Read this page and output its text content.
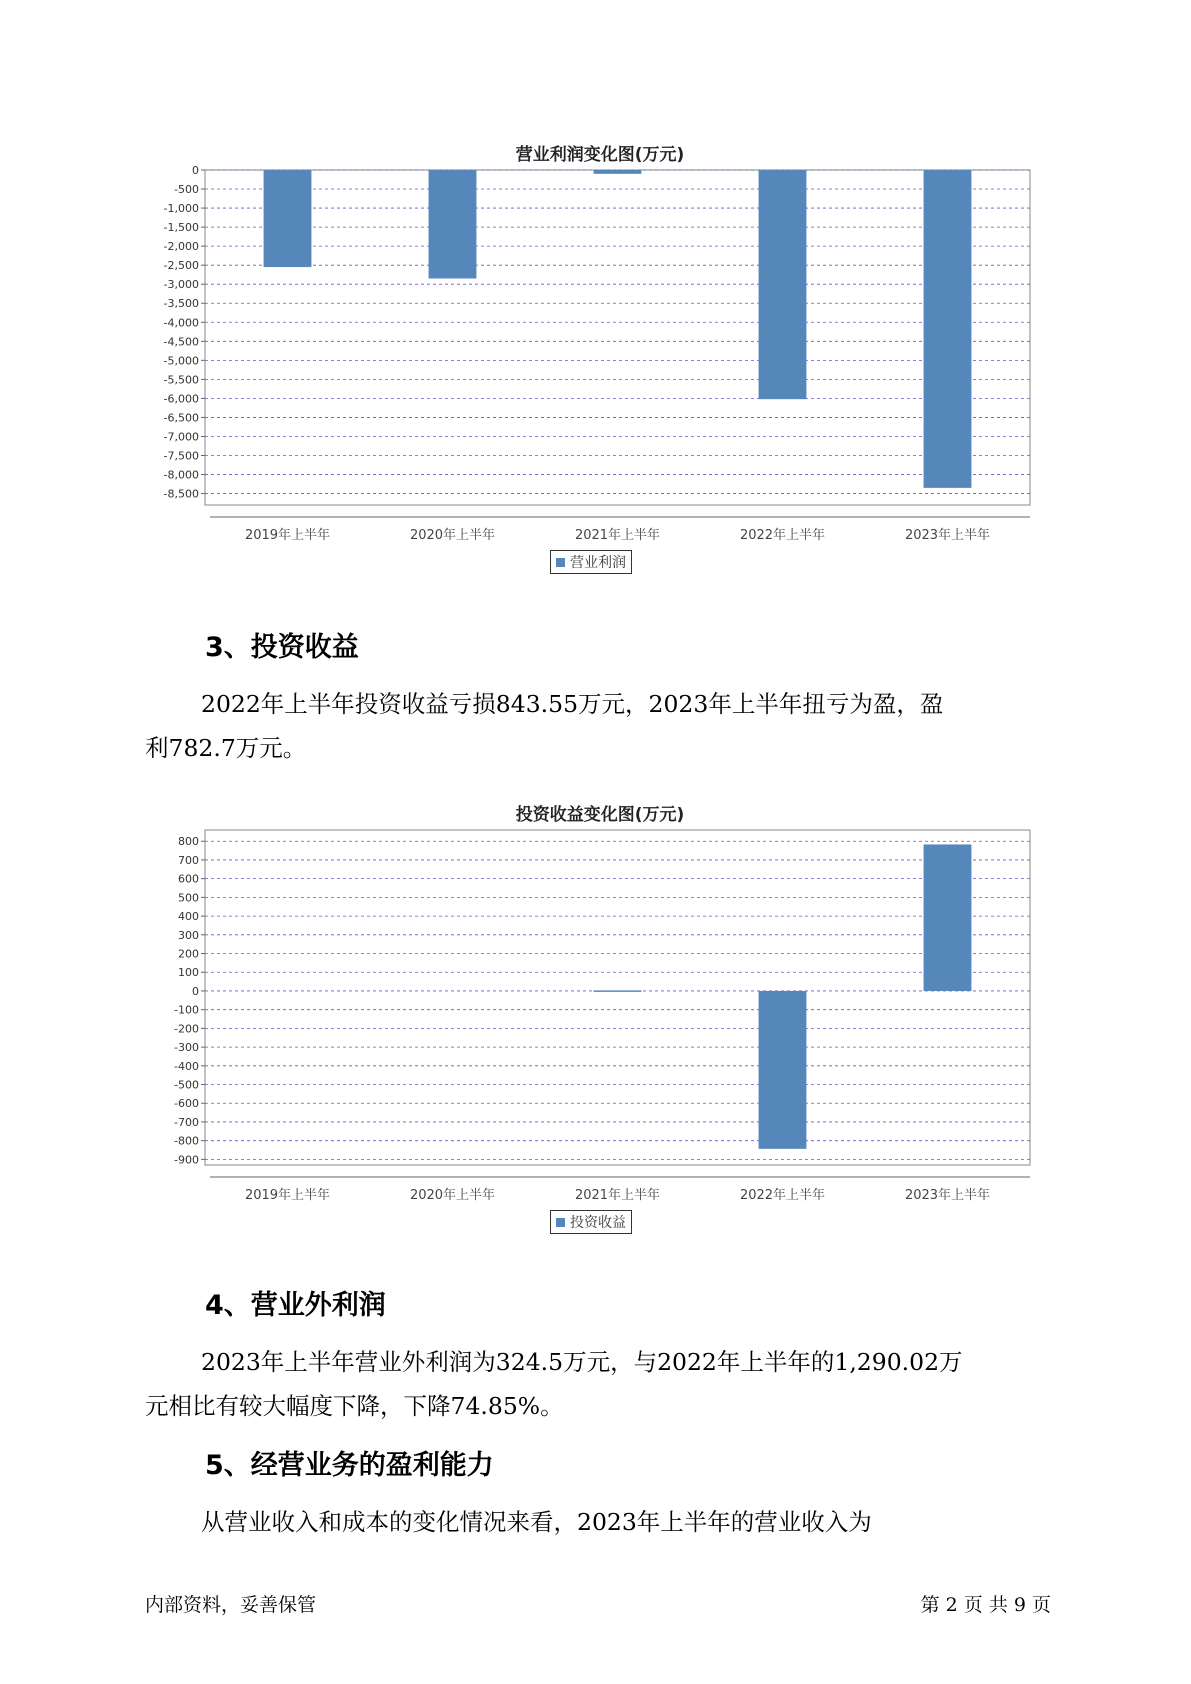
营业利润变化图(万元)
0
-500
-1,000
-1,500
-2,000
-2,500
-3,000
-3,500
-4,000
-4,500
-5,000
-5,500
-6,000
-6,500
-7,000
-7,500
-8,000
-8,500
2019年上半年	2020年上半年	2021年上半年	2022年上半年	2023年上半年
营业利润
3、投资收益
2022年上半年投资收益亏损843.55万元，2023年上半年扭亏为盈，盈
利782.7万元。
投资收益变化图(万元)
800
700
600
500
400
300
200
100
0
-100
-200
-300
-400
-500
-600
-700
-800
-900
2019年上半年	2020年上半年	2021年上半年	2022年上半年	2023年上半年
投资收益
4、营业外利润
2023年上半年营业外利润为324.5万元，与2022年上半年的1,290.02万
元相比有较大幅度下降，下降74.85%。
5、经营业务的盈利能力
从营业收入和成本的变化情况来看，2023年上半年的营业收入为
内部资料，妥善保管	第 2 页 共 9 页
